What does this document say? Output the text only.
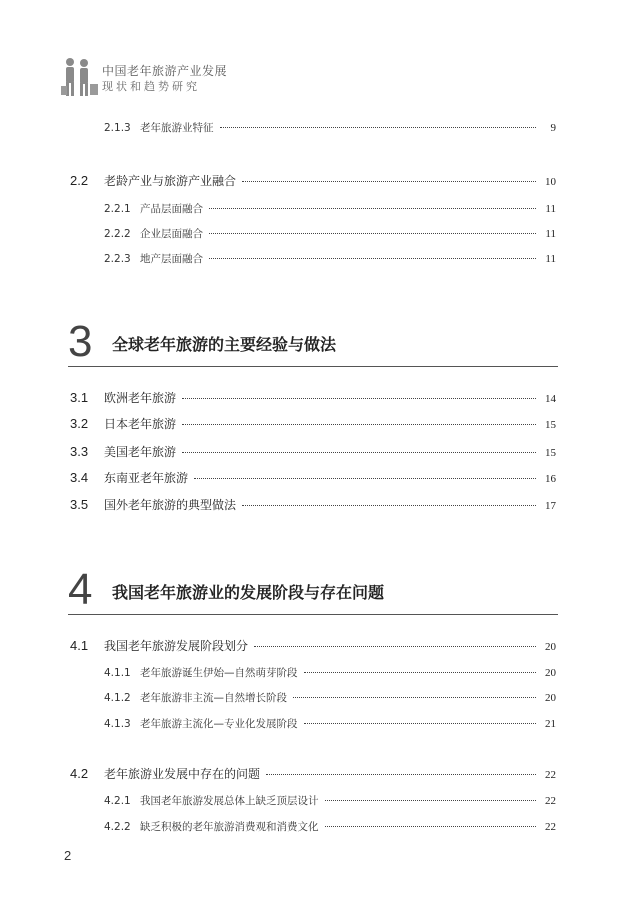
中国老年旅游产业发展
现状和趋势研究
2.1.3 老年旅游业特征	9
2.2	老龄产业与旅游产业融合	10
2.2.1 产品层面融合	11
2.2.2 企业层面融合	11
2.2.3 地产层面融合	11
3 全球老年旅游的主要经验与做法
3.1	欧洲老年旅游	14
3.2	日本老年旅游	15
3.3	美国老年旅游	15
3.4	东南亚老年旅游	16
3.5	国外老年旅游的典型做法	17
4 我国老年旅游业的发展阶段与存在问题
4.1	我国老年旅游发展阶段划分	20
4.1.1 老年旅游诞生伊始—自然萌芽阶段	20
4.1.2 老年旅游非主流—自然增长阶段	20
4.1.3 老年旅游主流化—专业化发展阶段	21
4.2	老年旅游业发展中存在的问题	22
4.2.1 我国老年旅游发展总体上缺乏顶层设计	22
4.2.2 缺乏积极的老年旅游消费观和消费文化	22
2
